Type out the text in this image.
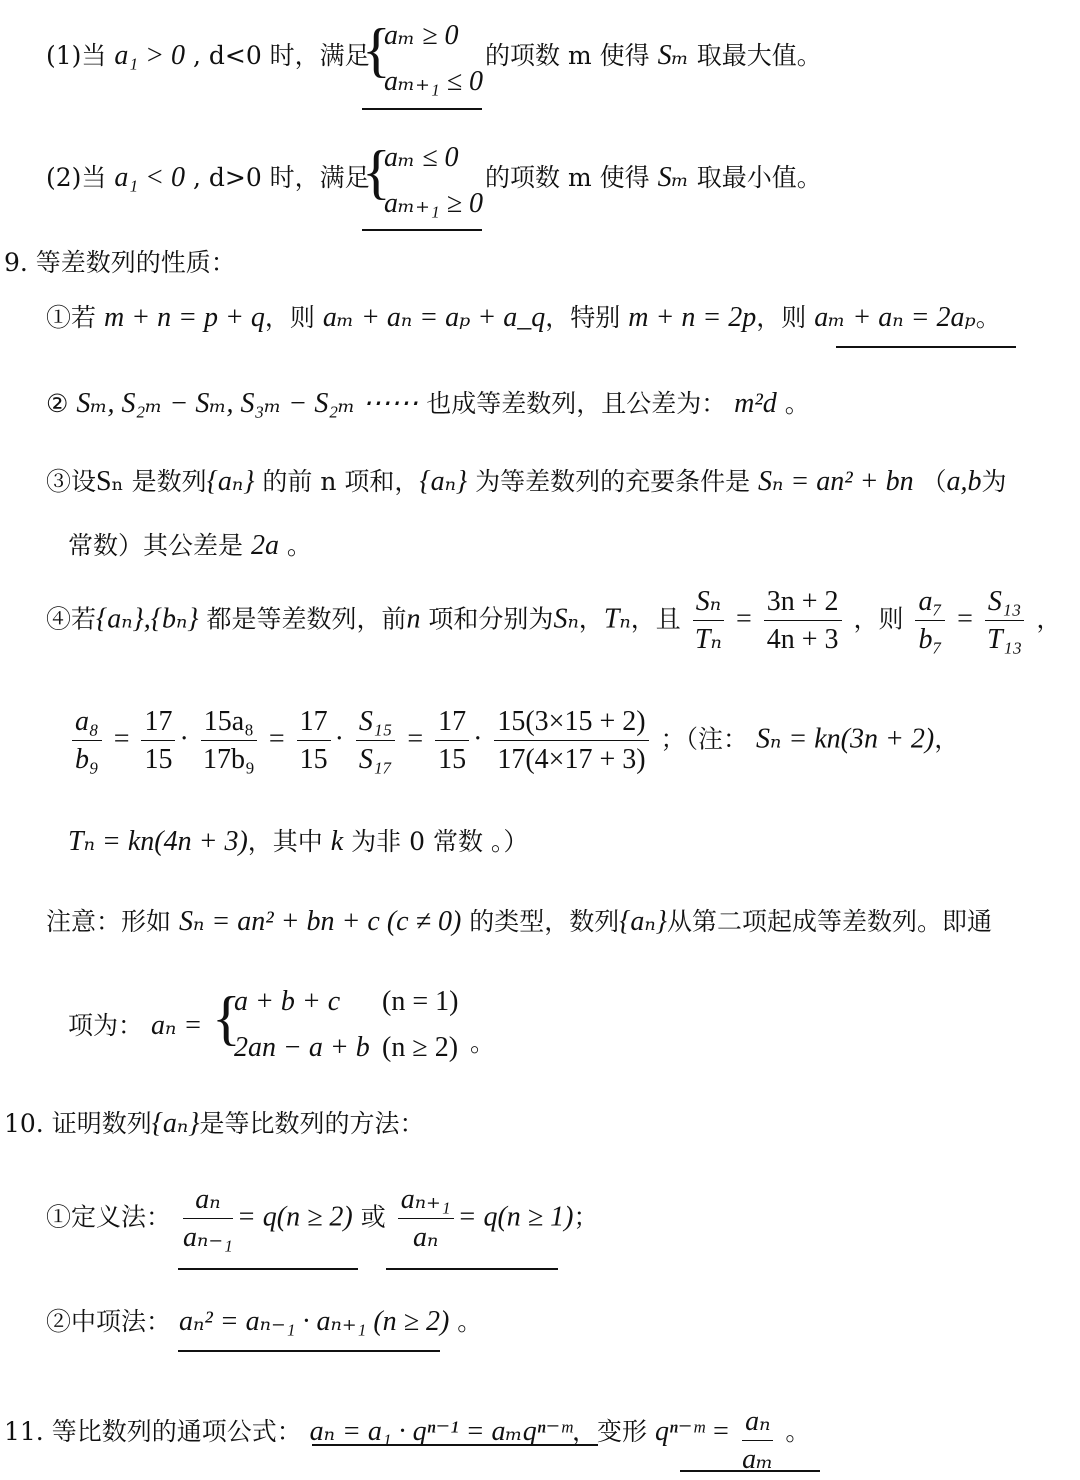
(1)当 a₁ > 0 , d<0 时，满足
{
aₘ ≥ 0
aₘ₊₁ ≤ 0
的项数 m 使得 Sₘ 取最大值。
(2)当 a₁ < 0 , d>0 时，满足
{
aₘ ≤ 0
aₘ₊₁ ≥ 0
的项数 m 使得 Sₘ 取最小值。
9. 等差数列的性质：
①若 m + n = p + q，则 aₘ + aₙ = aₚ + a_q，特别 m + n = 2p，则 aₘ + aₙ = 2aₚ。
② Sₘ, S₂ₘ − Sₘ, S₃ₘ − S₂ₘ ⋯⋯ 也成等差数列，且公差为： m²d 。
③设Sₙ 是数列{aₙ} 的前 n 项和，{aₙ} 为等差数列的充要条件是 Sₙ = an² + bn （a,b为
常数）其公差是 2a 。
④若{aₙ},{bₙ} 都是等差数列，前n 项和分别为Sₙ，Tₙ，且 $\frac{\text{Sₙ}}{\text{Tₙ}} = \frac{3n + 2}{4n + 3}$ ，则 $\frac{\text{a₇}}{\text{b₇}} = \frac{\text{S₁₃}}{\text{T₁₃}}$ ，
$\frac{\text{a₈}}{\text{b₉}} = \frac{17}{15} \cdot \frac{\text{15a₈}}{\text{17b₉}} = \frac{17}{15} \cdot \frac{\text{S₁₅}}{\text{S₁₇}} = \frac{17}{15} \cdot \frac{15(3\times 15 + 2)}{17(4\times 17 + 3)}$ ；（注： Sₙ = kn(3n + 2)，
Tₙ = kn(4n + 3)，其中 k 为非 0 常数 。）
注意：形如 Sₙ = an² + bn + c (c ≠ 0) 的类型，数列{aₙ}从第二项起成等差数列。即通
项为： aₙ = {
a + b + c (n = 1)
2an − a + b (n ≥ 2) 。
10. 证明数列{aₙ}是等比数列的方法：
①定义法： $\frac{\text{aₙ}}{\text{aₙ₋₁}} = q(n \ge 2)$ 或 $\frac{\text{aₙ₊₁}}{\text{aₙ}} = q(n \ge 1)$；
②中项法： aₙ² = aₙ₋₁ · aₙ₊₁ (n ≥ 2) 。
11. 等比数列的通项公式： aₙ = a₁ · qⁿ⁻¹ = aₘqⁿ⁻ᵐ，变形 qⁿ⁻ᵐ = $\frac{\text{aₙ}}{\text{aₘ}}$ 。
